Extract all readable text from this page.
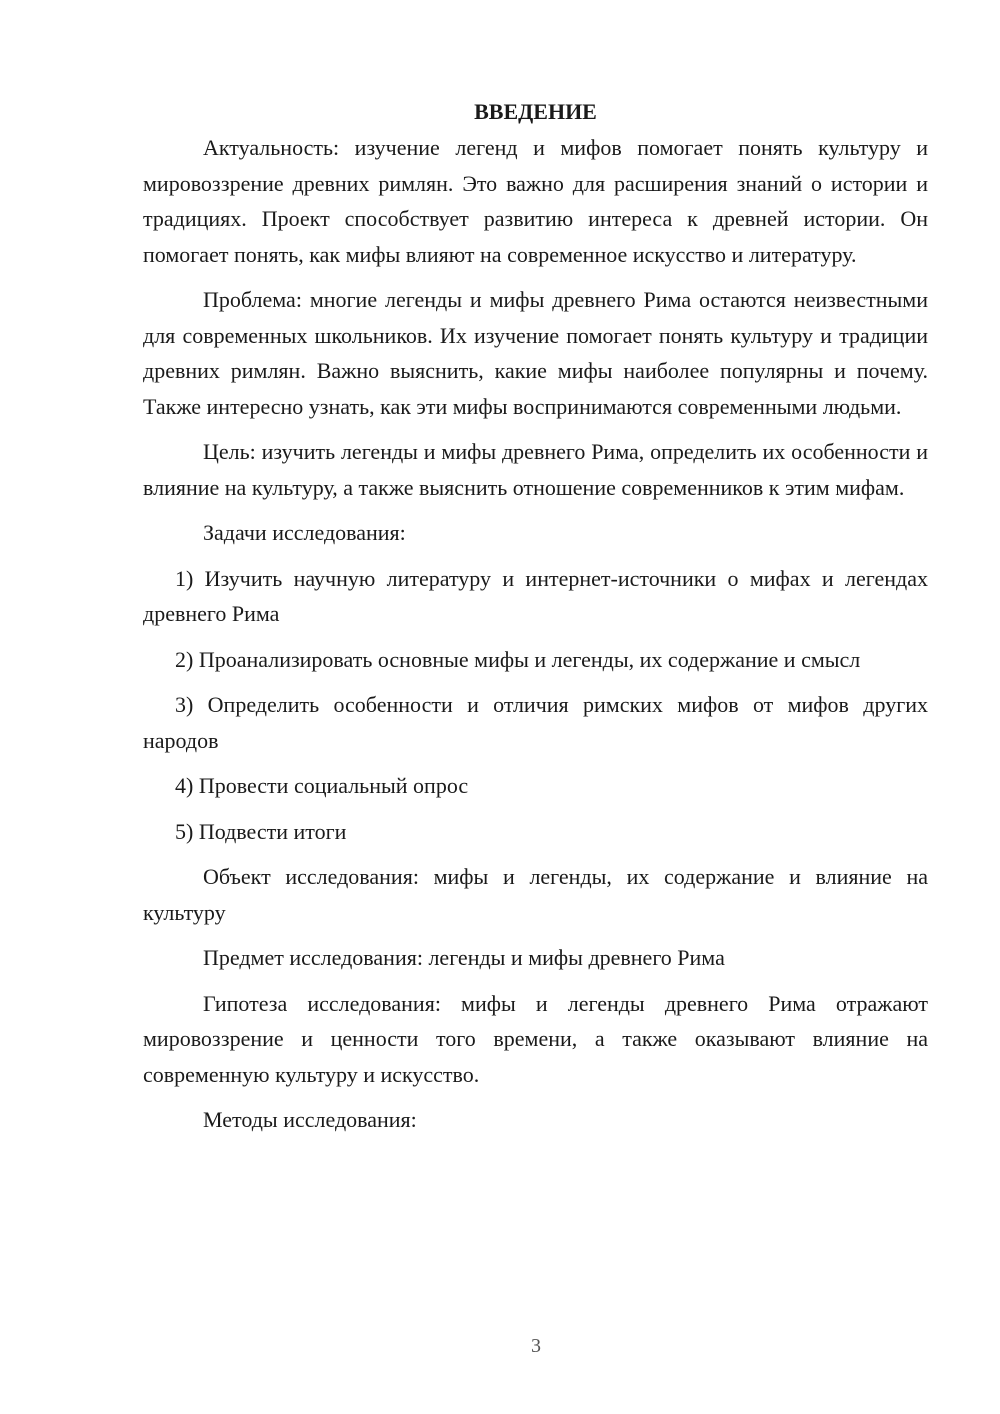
ВВЕДЕНИЕ

Актуальность: изучение легенд и мифов помогает понять культуру и мировоззрение древних римлян. Это важно для расширения знаний о истории и традициях. Проект способствует развитию интереса к древней истории. Он помогает понять, как мифы влияют на современное искусство и литературу.

Проблема: многие легенды и мифы древнего Рима остаются неизвестными для современных школьников. Их изучение помогает понять культуру и традиции древних римлян. Важно выяснить, какие мифы наиболее популярны и почему. Также интересно узнать, как эти мифы воспринимаются современными людьми.

Цель: изучить легенды и мифы древнего Рима, определить их особенности и влияние на культуру, а также выяснить отношение современников к этим мифам.

Задачи исследования:

1) Изучить научную литературу и интернет-источники о мифах и легендах древнего Рима

2) Проанализировать основные мифы и легенды, их содержание и смысл

3) Определить особенности и отличия римских мифов от мифов других народов

4) Провести социальный опрос

5) Подвести итоги

Объект исследования: мифы и легенды, их содержание и влияние на культуру

Предмет исследования: легенды и мифы древнего Рима

Гипотеза исследования: мифы и легенды древнего Рима отражают мировоззрение и ценности того времени, а также оказывают влияние на современную культуру и искусство.

Методы исследования:

3
